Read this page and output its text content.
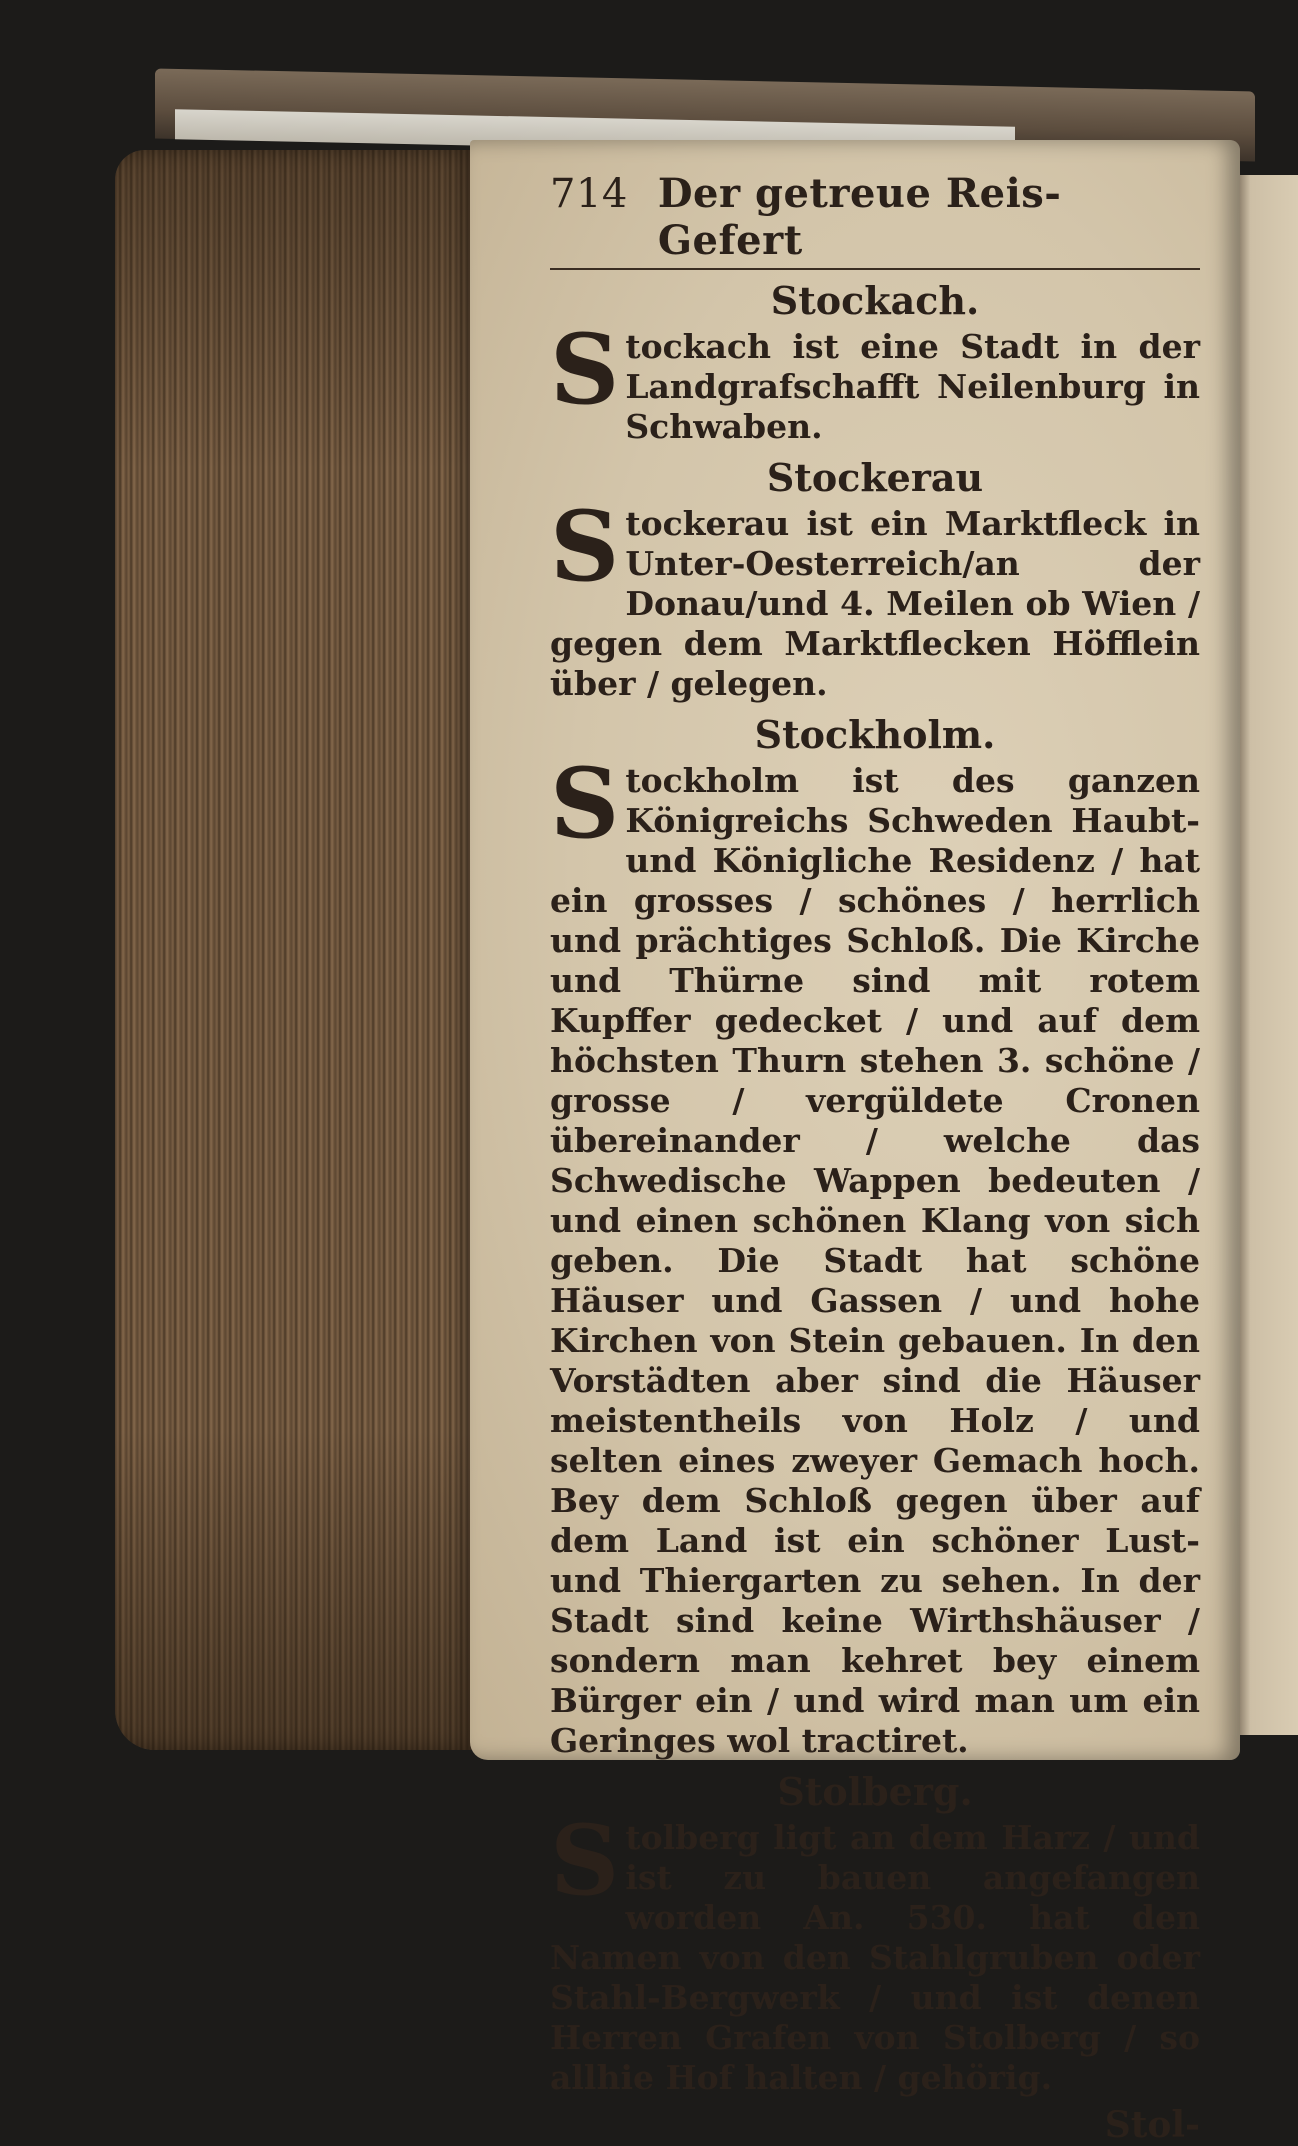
714 Der getreue Reis-Gefert
Stockach.

Stockach ist eine Stadt in der Landgrafschafft Neilenburg in Schwaben.

Stockerau

Stockerau ist ein Marktfleck in Unter-Oesterreich/an der Donau/und 4. Meilen ob Wien / gegen dem Marktflecken Höfflein über / gelegen.

Stockholm.

Stockholm ist des ganzen Königreichs Schweden Haubt- und Königliche Residenz / hat ein grosses / schönes / herrlich und prächtiges Schloß. Die Kirche und Thürne sind mit rotem Kupffer gedecket / und auf dem höchsten Thurn stehen 3. schöne / grosse / vergüldete Cronen übereinander / welche das Schwedische Wappen bedeuten / und einen schönen Klang von sich geben. Die Stadt hat schöne Häuser und Gassen / und hohe Kirchen von Stein gebauen. In den Vorstädten aber sind die Häuser meistentheils von Holz / und selten eines zweyer Gemach hoch. Bey dem Schloß gegen über auf dem Land ist ein schöner Lust- und Thiergarten zu sehen. In der Stadt sind keine Wirthshäuser / sondern man kehret bey einem Bürger ein / und wird man um ein Geringes wol tractiret.

Stolberg.

Stolberg ligt an dem Harz / und ist zu bauen angefangen worden An. 530. hat den Namen von den Stahlgruben oder Stahl-Bergwerk / und ist denen Herren Grafen von Stolberg / so allhie Hof halten / gehörig.

Stol-
